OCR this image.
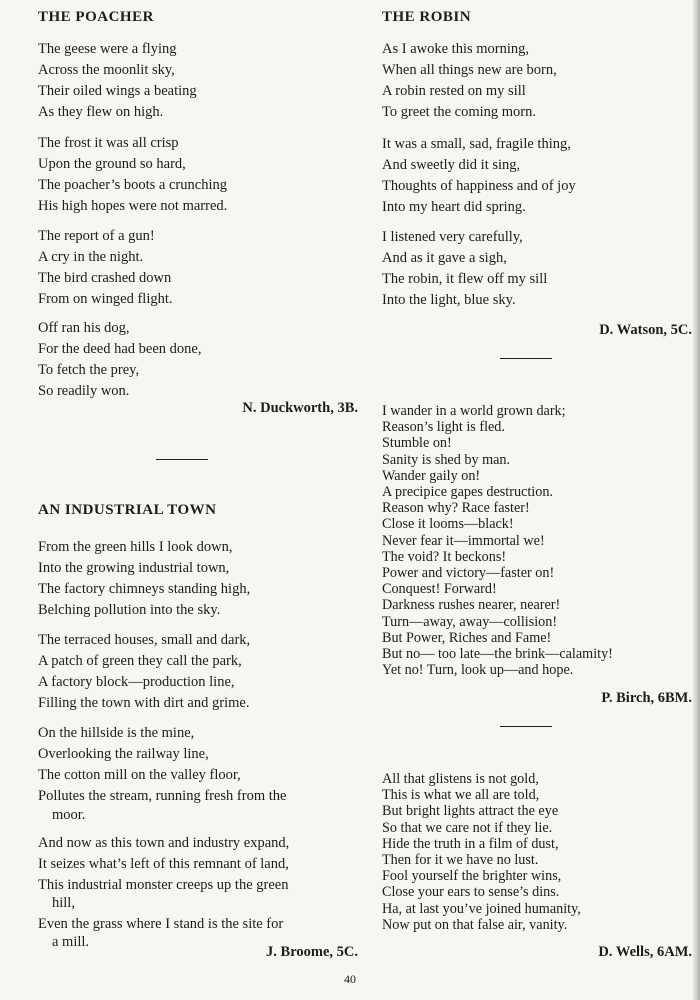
THE POACHER
The geese were a flying
Across the moonlit sky,
Their oiled wings a beating
As they flew on high.
The frost it was all crisp
Upon the ground so hard,
The poacher’s boots a crunching
His high hopes were not marred.
The report of a gun!
A cry in the night.
The bird crashed down
From on winged flight.
Off ran his dog,
For the deed had been done,
To fetch the prey,
So readily won.

N. Duckworth, 3B.

AN INDUSTRIAL TOWN
From the green hills I look down,
Into the growing industrial town,
The factory chimneys standing high,
Belching pollution into the sky.
The terraced houses, small and dark,
A patch of green they call the park,
A factory block—production line,
Filling the town with dirt and grime.
On the hillside is the mine,
Overlooking the railway line,
The cotton mill on the valley floor,
Pollutes the stream, running fresh from the
moor.
And now as this town and industry expand,
It seizes what’s left of this remnant of land,
This industrial monster creeps up the green
hill,
Even the grass where I stand is the site for
a mill.

J. Broome, 5C.

THE ROBIN
As I awoke this morning,
When all things new are born,
A robin rested on my sill
To greet the coming morn.
It was a small, sad, fragile thing,
And sweetly did it sing,
Thoughts of happiness and of joy
Into my heart did spring.
I listened very carefully,
And as it gave a sigh,
The robin, it flew off my sill
Into the light, blue sky.

D. Watson, 5C.

I wander in a world grown dark;
Reason’s light is fled.
Stumble on!
Sanity is shed by man.
Wander gaily on!
A precipice gapes destruction.
Reason why? Race faster!
Close it looms—black!
Never fear it—immortal we!
The void? It beckons!
Power and victory—faster on!
Conquest! Forward!
Darkness rushes nearer, nearer!
Turn—away, away—collision!
But Power, Riches and Fame!
But no— too late—the brink—calamity!
Yet no! Turn, look up—and hope.

P. Birch, 6BM.

All that glistens is not gold,
This is what we all are told,
But bright lights attract the eye
So that we care not if they lie.
Hide the truth in a film of dust,
Then for it we have no lust.
Fool yourself the brighter wins,
Close your ears to sense’s dins.
Ha, at last you’ve joined humanity,
Now put on that false air, vanity.

D. Wells, 6AM.

40
